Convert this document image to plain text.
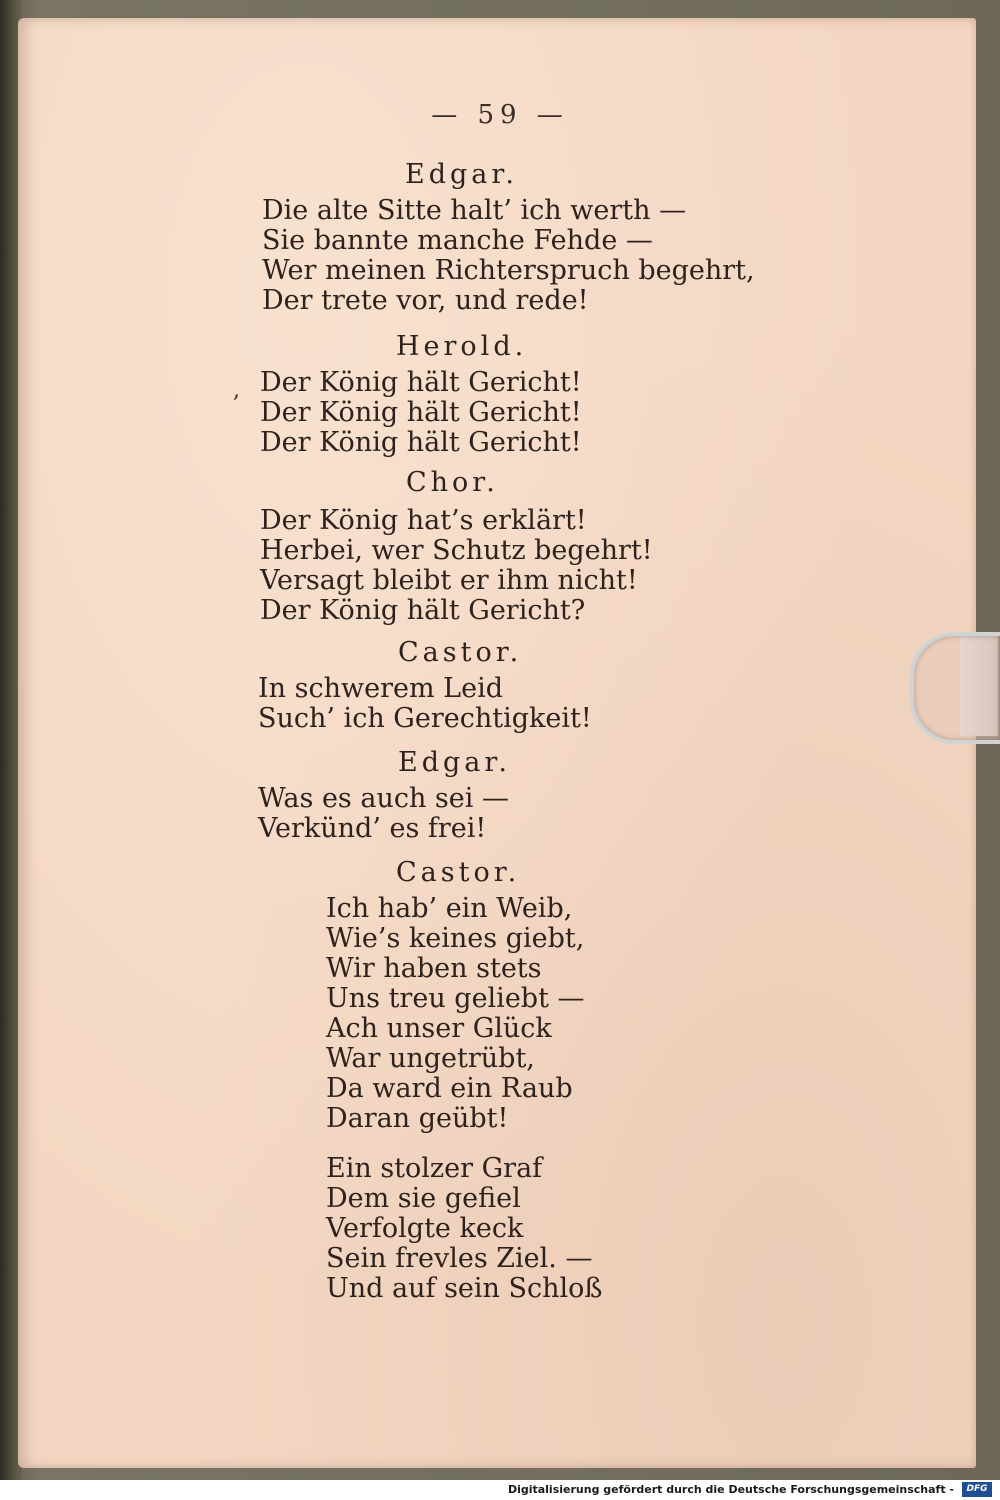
— 59 —
Edgar.
Die alte Sitte halt’ ich werth —
Sie bannte manche Fehde —
Wer meinen Richterspruch begehrt,
Der trete vor, und rede!
Herold.
, Der König hält Gericht!
Der König hält Gericht!
Der König hält Gericht!
Chor.
Der König hat’s erklärt!
Herbei, wer Schutz begehrt!
Versagt bleibt er ihm nicht!
Der König hält Gericht?
Castor.
In schwerem Leid
Such’ ich Gerechtigkeit!
Edgar.
Was es auch sei —
Verkünd’ es frei!
Castor.
Ich hab’ ein Weib,
Wie’s keines giebt,
Wir haben stets
Uns treu geliebt —
Ach unser Glück
War ungetrübt,
Da ward ein Raub
Daran geübt!
Ein stolzer Graf
Dem sie gefiel
Verfolgte keck
Sein frevles Ziel. —
Und auf sein Schloß
Digitalisierung gefördert durch die Deutsche Forschungsgemeinschaft -	DFG
